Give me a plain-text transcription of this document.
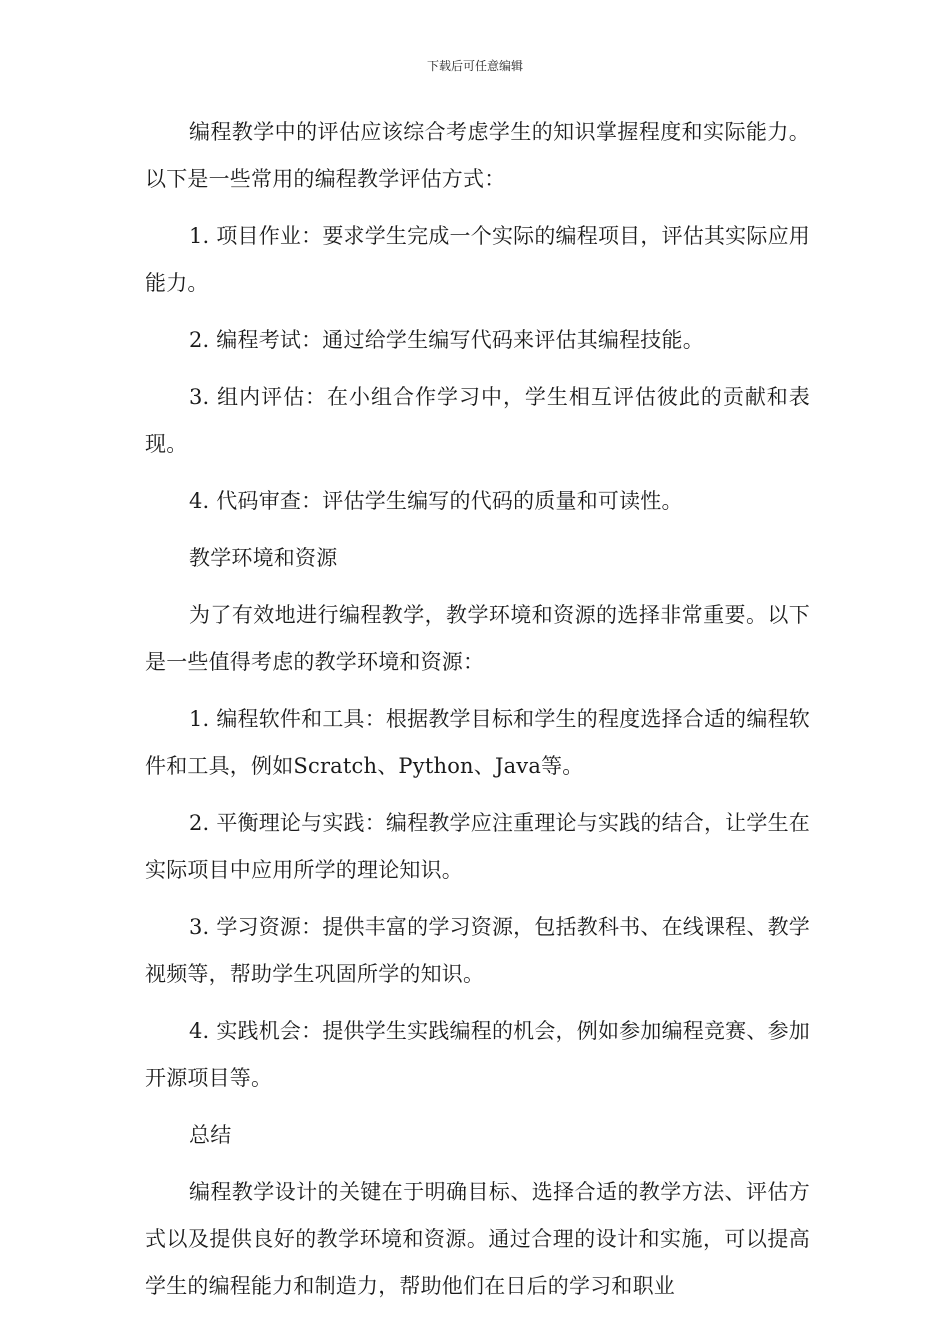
下载后可任意编辑

编程教学中的评估应该综合考虑学生的知识掌握程度和实际能力。以下是一些常用的编程教学评估方式：

1. 项目作业：要求学生完成一个实际的编程项目，评估其实际应用能力。

2. 编程考试：通过给学生编写代码来评估其编程技能。

3. 组内评估：在小组合作学习中，学生相互评估彼此的贡献和表现。

4. 代码审查：评估学生编写的代码的质量和可读性。

教学环境和资源

为了有效地进行编程教学，教学环境和资源的选择非常重要。以下是一些值得考虑的教学环境和资源：

1. 编程软件和工具：根据教学目标和学生的程度选择合适的编程软件和工具，例如Scratch、Python、Java等。

2. 平衡理论与实践：编程教学应注重理论与实践的结合，让学生在实际项目中应用所学的理论知识。

3. 学习资源：提供丰富的学习资源，包括教科书、在线课程、教学视频等，帮助学生巩固所学的知识。

4. 实践机会：提供学生实践编程的机会，例如参加编程竞赛、参加开源项目等。

总结

编程教学设计的关键在于明确目标、选择合适的教学方法、评估方式以及提供良好的教学环境和资源。通过合理的设计和实施，可以提高学生的编程能力和制造力，帮助他们在日后的学习和职业
